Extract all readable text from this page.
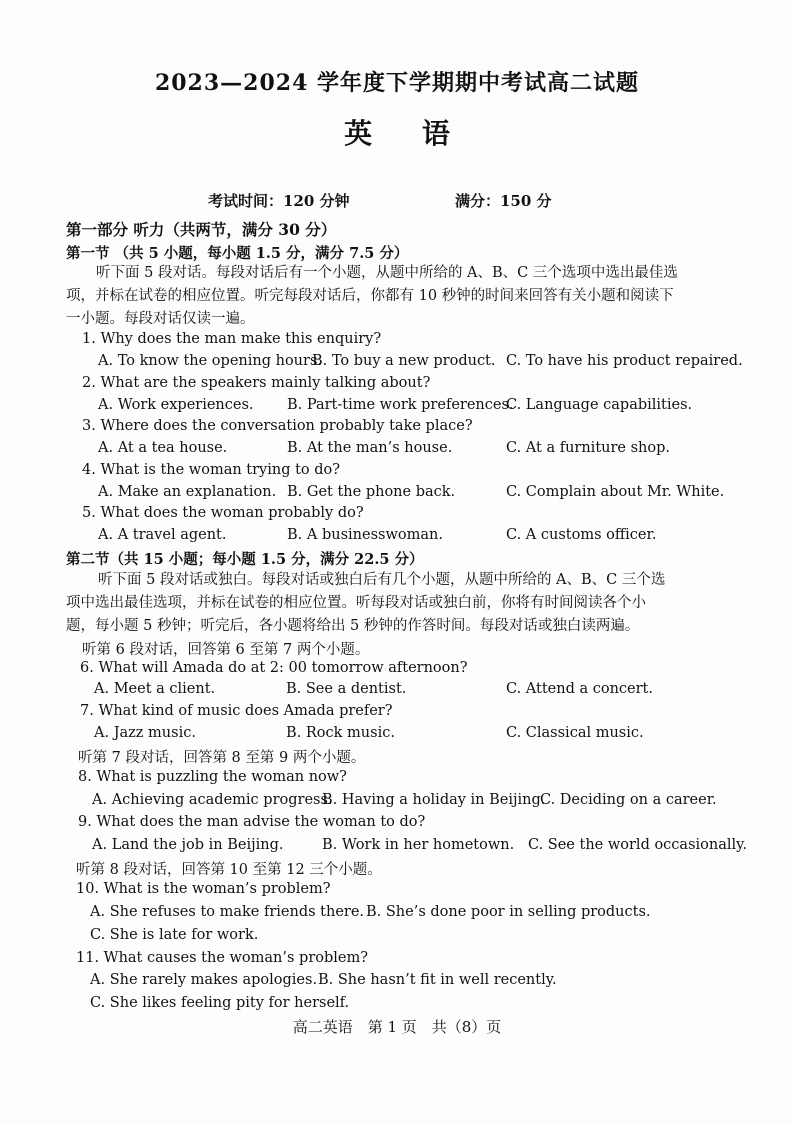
2023—2024 学年度下学期期中考试高二试题
英 语
考试时间：120 分钟	满分：150 分
第一部分 听力（共两节，满分 30 分）
第一节 （共 5 小题，每小题 1.5 分，满分 7.5 分）
听下面 5 段对话。每段对话后有一个小题，从题中所给的 A、B、C 三个选项中选出最佳选
项，并标在试卷的相应位置。听完每段对话后，你都有 10 秒钟的时间来回答有关小题和阅读下
一小题。每段对话仅读一遍。
1. Why does the man make this enquiry?
A. To know the opening hours.
B. To buy a new product. C. To have his product repaired.
2. What are the speakers mainly talking about?
A. Work experiences. B. Part-time work preferences.
C. Language capabilities.
3. Where does the conversation probably take place?
A. At a tea house.	B. At the man’s house.	C. At a furniture shop.
4. What is the woman trying to do?
A. Make an explanation. B. Get the phone back.	C. Complain about Mr. White.
5. What does the woman probably do?
A. A travel agent.	B. A businesswoman.	C. A customs officer.
第二节（共 15 小题；每小题 1.5 分，满分 22.5 分）
听下面 5 段对话或独白。每段对话或独白后有几个小题，从题中所给的 A、B、C 三个选
项中选出最佳选项，并标在试卷的相应位置。听每段对话或独白前，你将有时间阅读各个小
题，每小题 5 秒钟；听完后，各小题将给出 5 秒钟的作答时间。每段对话或独白读两遍。
听第 6 段对话，回答第 6 至第 7 两个小题。
6. What will Amada do at 2: 00 tomorrow afternoon?
A. Meet a client.	B. See a dentist.	C. Attend a concert.
7. What kind of music does Amada prefer?
A. Jazz music.	B. Rock music.	C. Classical music.
听第 7 段对话，回答第 8 至第 9 两个小题。
8. What is puzzling the woman now?
A. Achieving academic progress.
B. Having a holiday in Beijing.
C. Deciding on a career.
9. What does the man advise the woman to do?
A. Land the job in Beijing.	B. Work in her hometown. C. See the world occasionally.
听第 8 段对话，回答第 10 至第 12 三个小题。
10. What is the woman’s problem?
A. She refuses to make friends there. B. She’s done poor in selling products.
C. She is late for work.
11. What causes the woman’s problem?
A. She rarely makes apologies. B. She hasn’t fit in well recently.
C. She likes feeling pity for herself.
高二英语　第 1 页　共（8）页
